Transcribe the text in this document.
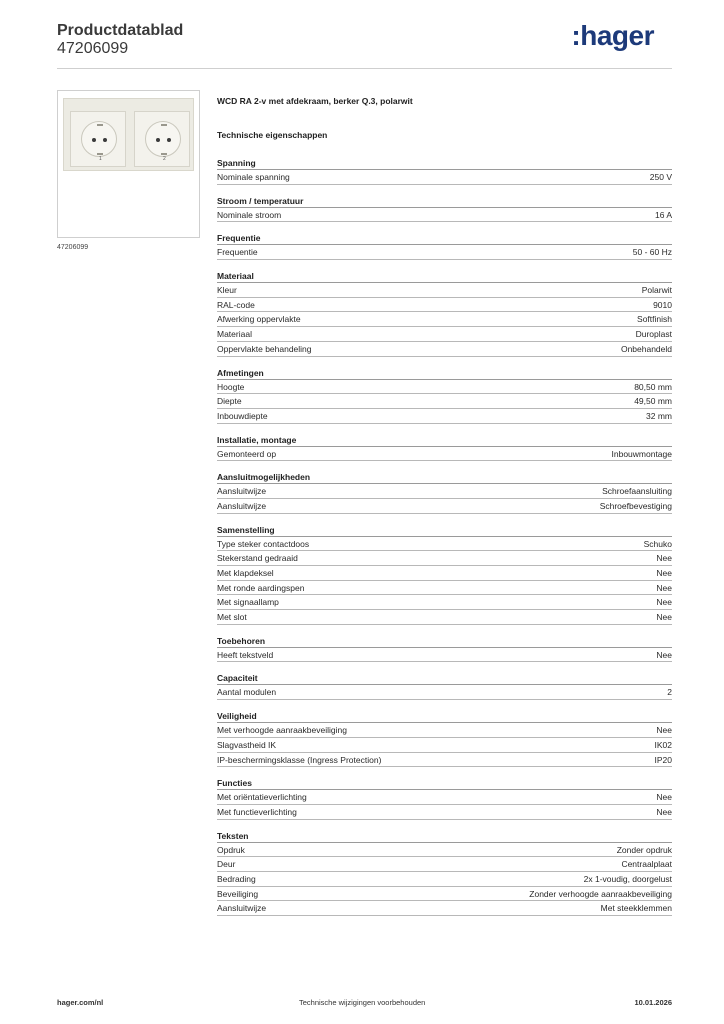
Productdatablad
47206099	:hager
1	2
47206099
WCD RA 2-v met afdekraam, berker Q.3, polarwit
Technische eigenschappen
Spanning
Nominale spanning	250 V
Stroom / temperatuur
Nominale stroom	16 A
Frequentie
Frequentie	50 - 60 Hz
Materiaal
Kleur	Polarwit
RAL-code	9010
Afwerking oppervlakte	Softfinish
Materiaal	Duroplast
Oppervlakte behandeling	Onbehandeld
Afmetingen
Hoogte	80,50 mm
Diepte	49,50 mm
Inbouwdiepte	32 mm
Installatie, montage
Gemonteerd op	Inbouwmontage
Aansluitmogelijkheden
Aansluitwijze	Schroefaansluiting
Aansluitwijze	Schroefbevestiging
Samenstelling
Type steker contactdoos	Schuko
Stekerstand gedraaid	Nee
Met klapdeksel	Nee
Met ronde aardingspen	Nee
Met signaallamp	Nee
Met slot	Nee
Toebehoren
Heeft tekstveld	Nee
Capaciteit
Aantal modulen	2
Veiligheid
Met verhoogde aanraakbeveiliging	Nee
Slagvastheid IK	IK02
IP-beschermingsklasse (Ingress Protection)	IP20
Functies
Met oriëntatieverlichting	Nee
Met functieverlichting	Nee
Teksten
Opdruk	Zonder opdruk
Deur	Centraalplaat
Bedrading	2x 1-voudig, doorgelust
Beveiliging	Zonder verhoogde aanraakbeveiliging
Aansluitwijze	Met steekklemmen
hager.com/nl	Technische wijzigingen voorbehouden	10.01.2026
